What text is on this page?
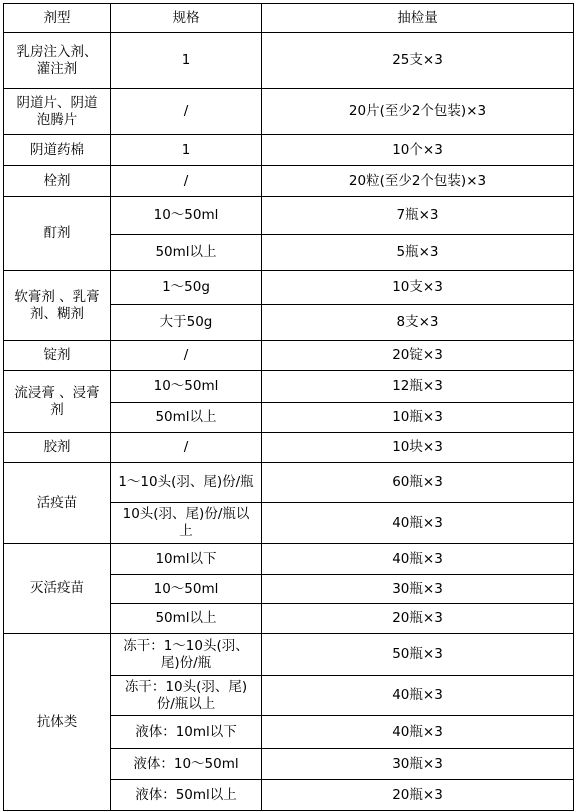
剂型	规格	抽检量
乳房注入剂、灌注剂	1	25支×3
阴道片、阴道泡腾片	/	20片(至少2个包装)×3
阴道药棉	1	10个×3
栓剂	/	20粒(至少2个包装)×3
酊剂	10～50ml	7瓶×3
	50ml以上	5瓶×3
软膏剂 、乳膏剂、糊剂	1～50g	10支×3
	大于50g	8支×3
锭剂	/	20锭×3
流浸膏 、浸膏剂	10～50ml	12瓶×3
	50ml以上	10瓶×3
胶剂	/	10块×3
活疫苗	1～10头(羽、尾)份/瓶	60瓶×3
	10头(羽、尾)份/瓶以上	40瓶×3
灭活疫苗	10ml以下	40瓶×3
	10～50ml	30瓶×3
	50ml以上	20瓶×3
抗体类	冻干：1～10头(羽、尾)份/瓶	50瓶×3
	冻干：10头(羽、尾)份/瓶以上	40瓶×3
	液体：10ml以下	40瓶×3
	液体：10～50ml	30瓶×3
	液体：50ml以上	20瓶×3
